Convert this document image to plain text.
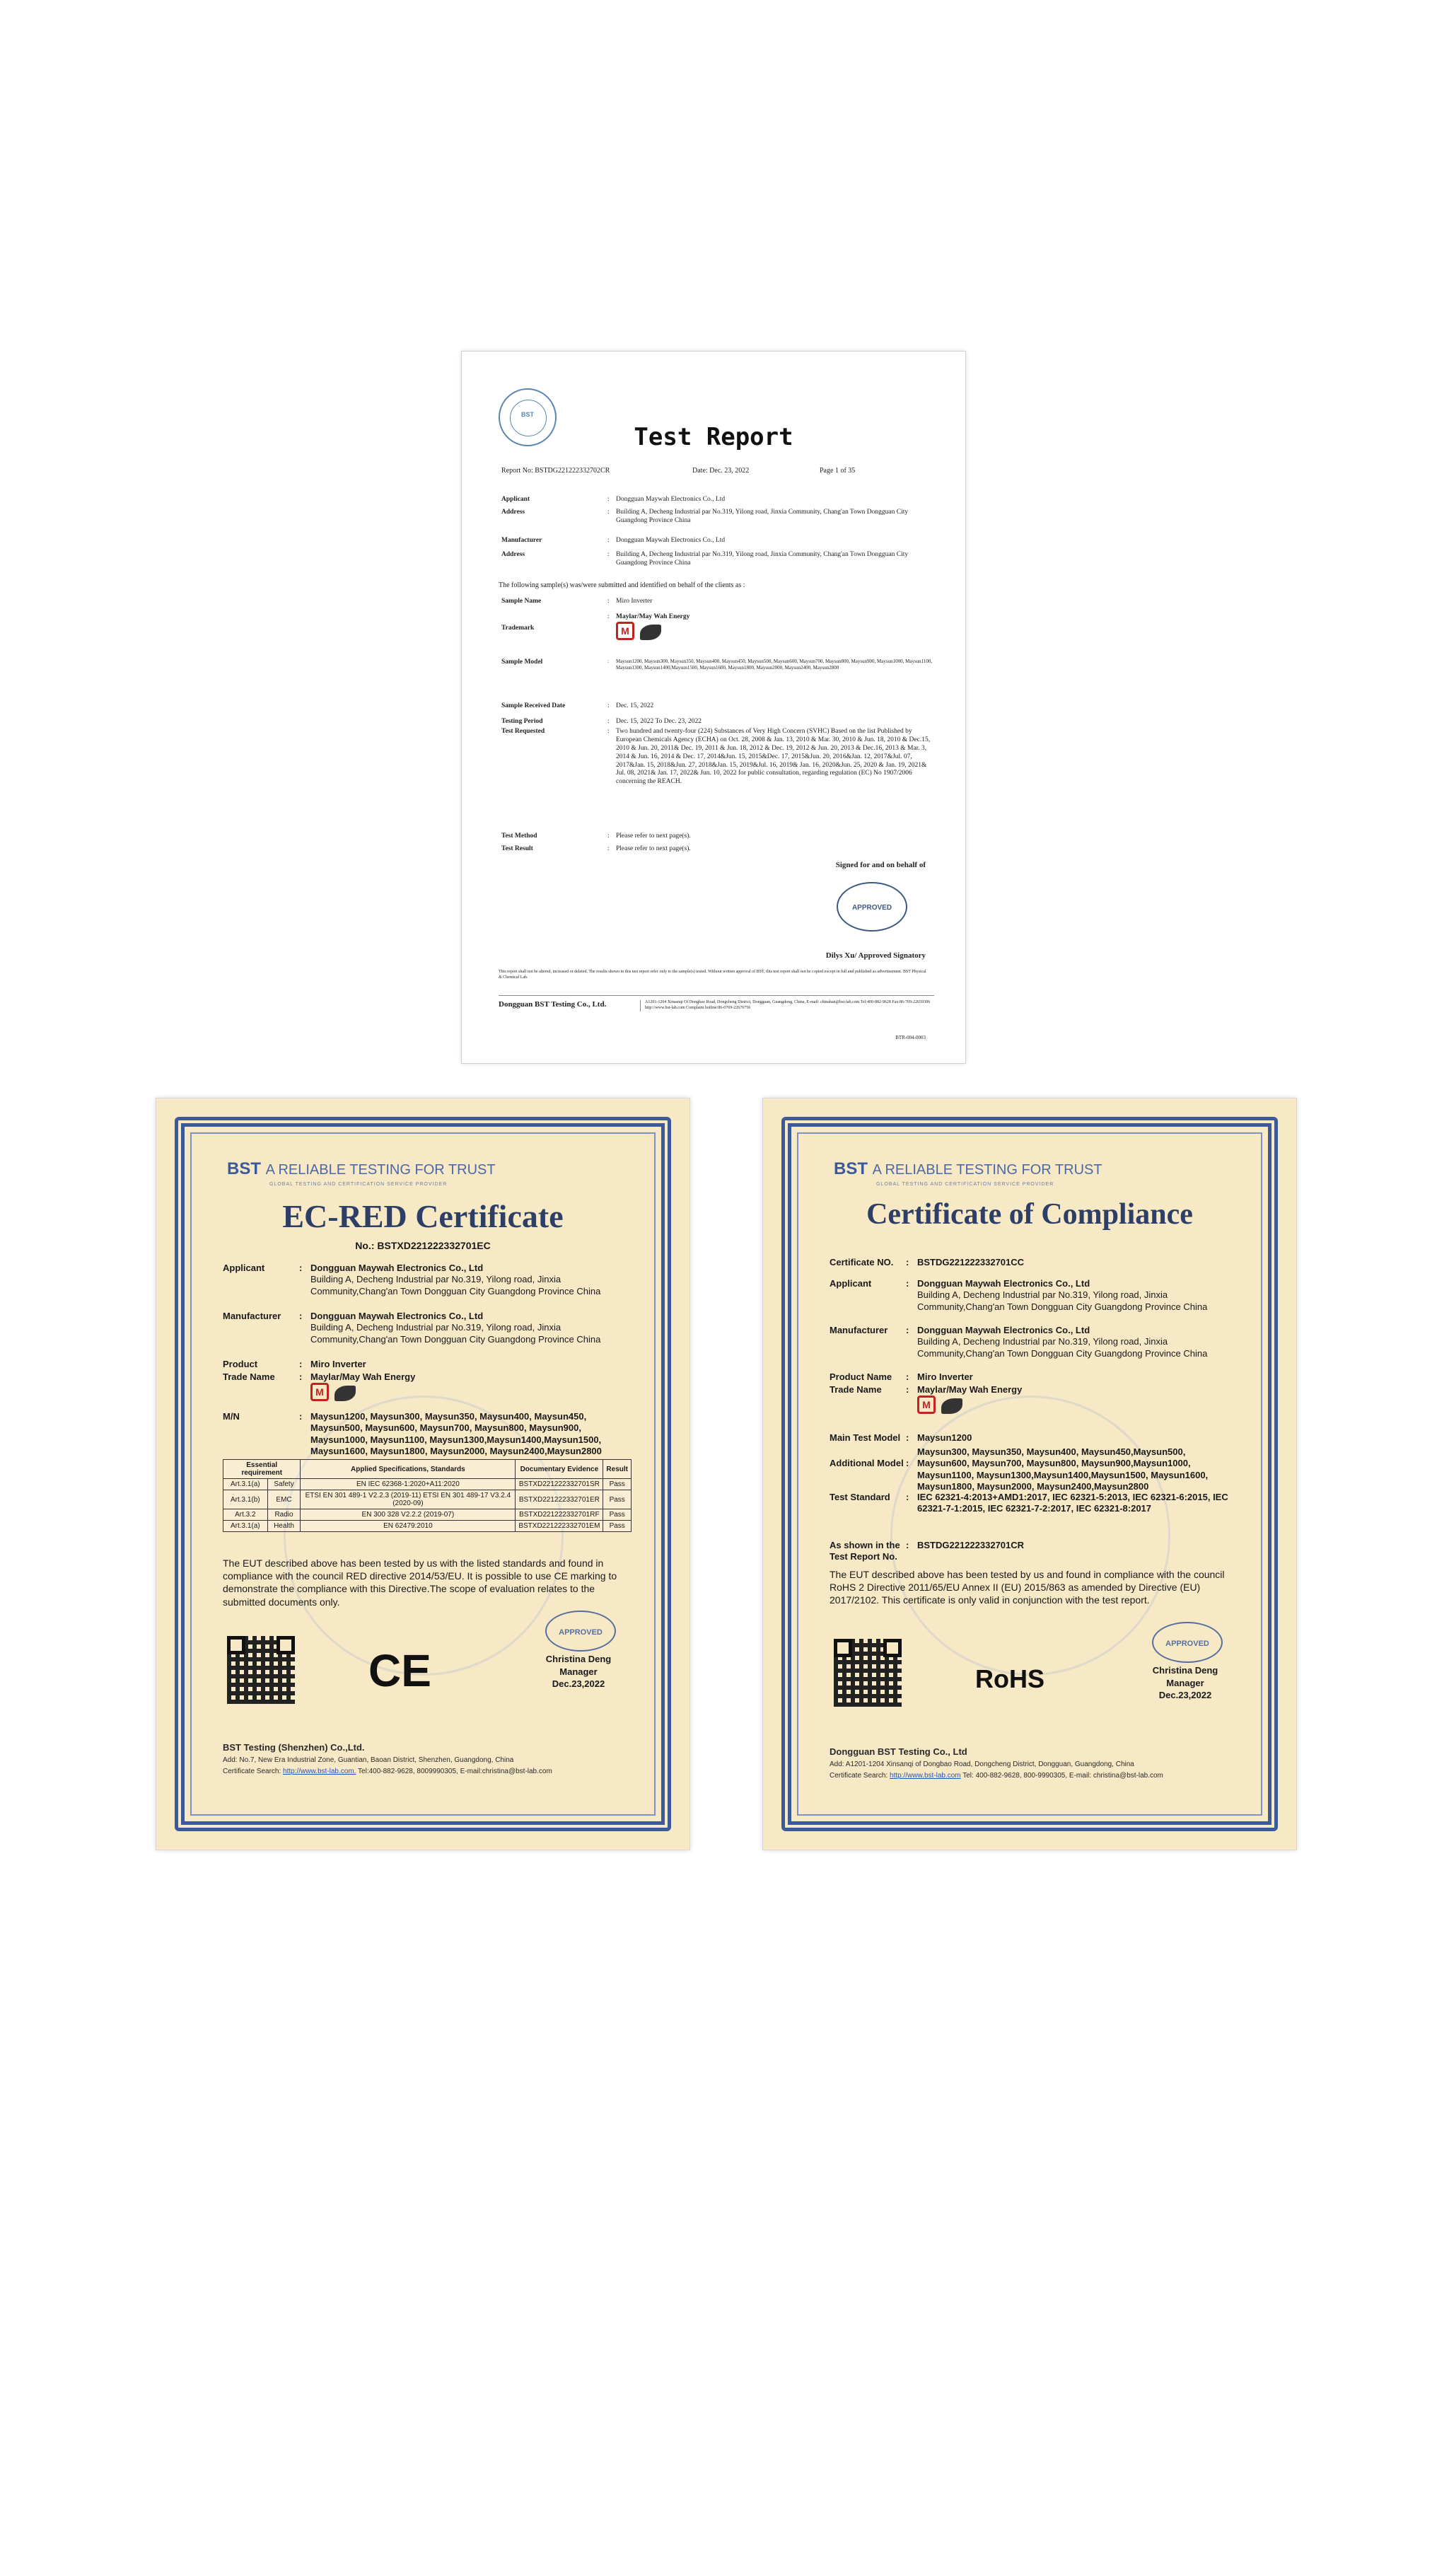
BST
Test Report
Report No: BSTDG221222332702CR	Date: Dec. 23, 2022	Page 1 of 35
Applicant	: Dongguan Maywah Electronics Co., Ltd
Address	: Building A, Decheng Industrial par No.319, Yilong road, Jinxia Community, Chang'an Town Dongguan City Guangdong Province China
Manufacturer	: Dongguan Maywah Electronics Co., Ltd
Address	: Building A, Decheng Industrial par No.319, Yilong road, Jinxia Community, Chang'an Town Dongguan City Guangdong Province China
The following sample(s) was/were submitted and identified on behalf of the clients as :
Sample Name	: Miro Inverter
Trademark
: Maylar/May Wah Energy
M
Sample Model	:	Maysun1200, Maysun300, Maysun350, Maysun400, Maysun450, Maysun500, Maysun600, Maysun700, Maysun800, Maysun900, Maysun1000, Maysun1100, Maysun1300, Maysun1400,Maysun1500, Maysun1600, Maysun1800, Maysun2000, Maysun2400, Maysun2800
Sample Received Date	: Dec. 15, 2022
Testing Period	: Dec. 15, 2022 To Dec. 23, 2022
Test Requested	: Two hundred and twenty-four (224) Substances of Very High Concern (SVHC) Based on the list Published by European Chemicals Agency (ECHA) on Oct. 28, 2008 & Jan. 13, 2010 & Mar. 30, 2010 & Jun. 18, 2010 & Dec.15, 2010 & Jun. 20, 2011& Dec. 19, 2011 & Jun. 18, 2012 & Dec. 19, 2012 & Jun. 20, 2013 & Dec.16, 2013 & Mar. 3, 2014 & Jun. 16, 2014 & Dec. 17, 2014&Jun. 15, 2015&Dec. 17, 2015&Jun. 20, 2016&Jan. 12, 2017&Jul. 07, 2017&Jan. 15, 2018&Jun. 27, 2018&Jan. 15, 2019&Jul. 16, 2019& Jan. 16, 2020&Jun. 25, 2020 & Jan. 19, 2021& Jul. 08, 2021& Jan. 17, 2022& Jun. 10, 2022 for public consultation, regarding regulation (EC) No 1907/2006 concerning the REACH.
Test Method	: Please refer to next page(s).
Test Result	: Please refer to next page(s).
Signed for and on behalf of
APPROVED
Dilys Xu/ Approved Signatory
This report shall not be altered, increased or deleted. The results shown in this test report refer only to the sample(s) tested. Without written approval of BST, this test report shall not be copied except in full and published as advertisement. BST Physical & Chemical Lab.
Dongguan BST Testing Co., Ltd.	A1201-1204 Xinsanqi Of Dongbao Road, Dongcheng District, Dongguan, Guangdong, China, E-mail: chinaban@bst-lab.com Tel:400-882-9628 Fax:86-769-22659306 http://www.bst-lab.com Complaint hotline:86-0769-22676756
BTR-004-0003
BST A RELIABLE TESTING FOR TRUST
GLOBAL TESTING AND CERTIFICATION SERVICE PROVIDER
EC-RED Certificate
No.: BSTXD221222332701EC
Applicant	: Dongguan Maywah Electronics Co., Ltd
Building A, Decheng Industrial par No.319, Yilong road, Jinxia Community,Chang'an Town Dongguan City Guangdong Province China
Manufacturer	: Dongguan Maywah Electronics Co., Ltd
Building A, Decheng Industrial par No.319, Yilong road, Jinxia Community,Chang'an Town Dongguan City Guangdong Province China
Product	: Miro Inverter
Trade Name	: Maylar/May Wah Energy
M
M/N	: Maysun1200, Maysun300, Maysun350, Maysun400, Maysun450, Maysun500, Maysun600, Maysun700, Maysun800, Maysun900, Maysun1000, Maysun1100, Maysun1300,Maysun1400,Maysun1500, Maysun1600, Maysun1800, Maysun2000, Maysun2400,Maysun2800
Essential requirement		Applied Specifications, Standards	Documentary Evidence	Result
Art.3.1(a)	Safety	EN IEC 62368-1:2020+A11:2020	BSTXD221222332701SR	Pass
Art.3.1(b)	EMC	ETSI EN 301 489-1 V2.2.3 (2019-11) ETSI EN 301 489-17 V3.2.4 (2020-09)	BSTXD221222332701ER	Pass
Art.3.2	Radio	EN 300 328 V2.2.2 (2019-07)	BSTXD221222332701RF	Pass
Art.3.1(a)	Health	EN 62479:2010	BSTXD221222332701EM	Pass
The EUT described above has been tested by us with the listed standards and found in compliance with the council RED directive 2014/53/EU. It is possible to use CE marking to demonstrate the compliance with this Directive.The scope of evaluation relates to the submitted documents only.
CE
APPROVED
Christina Deng
Manager
Dec.23,2022
BST Testing (Shenzhen) Co.,Ltd.
Add: No.7, New Era Industrial Zone, Guantian, Baoan District, Shenzhen, Guangdong, China
Certificate Search: http://www.bst-lab.com. Tel:400-882-9628, 8009990305, E-mail:christina@bst-lab.com
BST A RELIABLE TESTING FOR TRUST
GLOBAL TESTING AND CERTIFICATION SERVICE PROVIDER
Certificate of Compliance
Certificate NO.	: BSTDG221222332701CC
Applicant	: Dongguan Maywah Electronics Co., Ltd
Building A, Decheng Industrial par No.319, Yilong road, Jinxia Community,Chang'an Town Dongguan City Guangdong Province China
Manufacturer	: Dongguan Maywah Electronics Co., Ltd
Building A, Decheng Industrial par No.319, Yilong road, Jinxia Community,Chang'an Town Dongguan City Guangdong Province China
Product Name	: Miro Inverter
Trade Name	: Maylar/May Wah Energy
M
Main Test Model : Maysun1200
Additional Model :
Maysun300, Maysun350, Maysun400, Maysun450,Maysun500, Maysun600, Maysun700, Maysun800, Maysun900,Maysun1000, Maysun1100, Maysun1300,Maysun1400,Maysun1500, Maysun1600, Maysun1800, Maysun2000, Maysun2400,Maysun2800
Test Standard	: IEC 62321-4:2013+AMD1:2017, IEC 62321-5:2013, IEC 62321-6:2015, IEC 62321-7-1:2015, IEC 62321-7-2:2017, IEC 62321-8:2017
As shown in the Test Report No.
: BSTDG221222332701CR
The EUT described above has been tested by us and found in compliance with the council RoHS 2 Directive 2011/65/EU Annex II (EU) 2015/863 as amended by Directive (EU) 2017/2102. This certificate is only valid in conjunction with the test report.
RoHS
APPROVED
Christina Deng
Manager
Dec.23,2022
Dongguan BST Testing Co., Ltd
Add: A1201-1204 Xinsanqi of Dongbao Road, Dongcheng District, Dongguan, Guangdong, China
Certificate Search: http://www.bst-lab.com Tel: 400-882-9628, 800-9990305, E-mail: christina@bst-lab.com
